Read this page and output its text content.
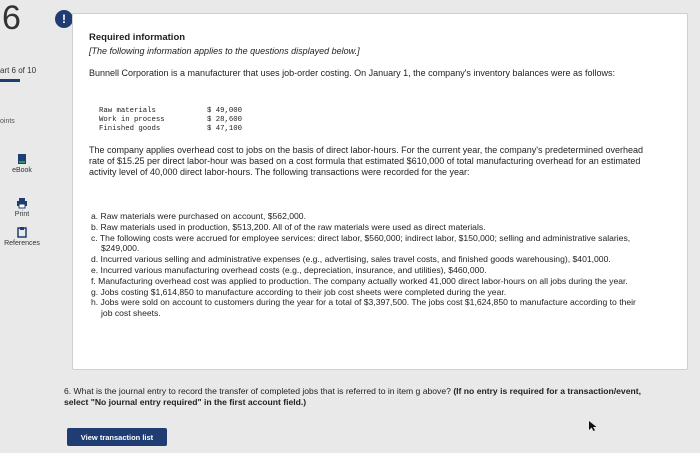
6	!
art 6 of 10
oints
eBook
Print
References
Required information
[The following information applies to the questions displayed below.]
Bunnell Corporation is a manufacturer that uses job-order costing. On January 1, the company's inventory balances were as follows:
Raw materials	$ 49,000
Work in process	$ 28,600
Finished goods	$ 47,100
The company applies overhead cost to jobs on the basis of direct labor-hours. For the current year, the company's predetermined overhead rate of $15.25 per direct labor-hour was based on a cost formula that estimated $610,000 of total manufacturing overhead for an estimated activity level of 40,000 direct labor-hours. The following transactions were recorded for the year:
a. Raw materials were purchased on account, $562,000.
b. Raw materials used in production, $513,200. All of of the raw materials were used as direct materials.
c. The following costs were accrued for employee services: direct labor, $560,000; indirect labor, $150,000; selling and administrative salaries, $249,000.
d. Incurred various selling and administrative expenses (e.g., advertising, sales travel costs, and finished goods warehousing), $401,000.
e. Incurred various manufacturing overhead costs (e.g., depreciation, insurance, and utilities), $460,000.
f. Manufacturing overhead cost was applied to production. The company actually worked 41,000 direct labor-hours on all jobs during the year.
g. Jobs costing $1,614,850 to manufacture according to their job cost sheets were completed during the year.
h. Jobs were sold on account to customers during the year for a total of $3,397,500. The jobs cost $1,624,850 to manufacture according to their job cost sheets.
6. What is the journal entry to record the transfer of completed jobs that is referred to in item g above? (If no entry is required for a transaction/event, select "No journal entry required" in the first account field.)
View transaction list
